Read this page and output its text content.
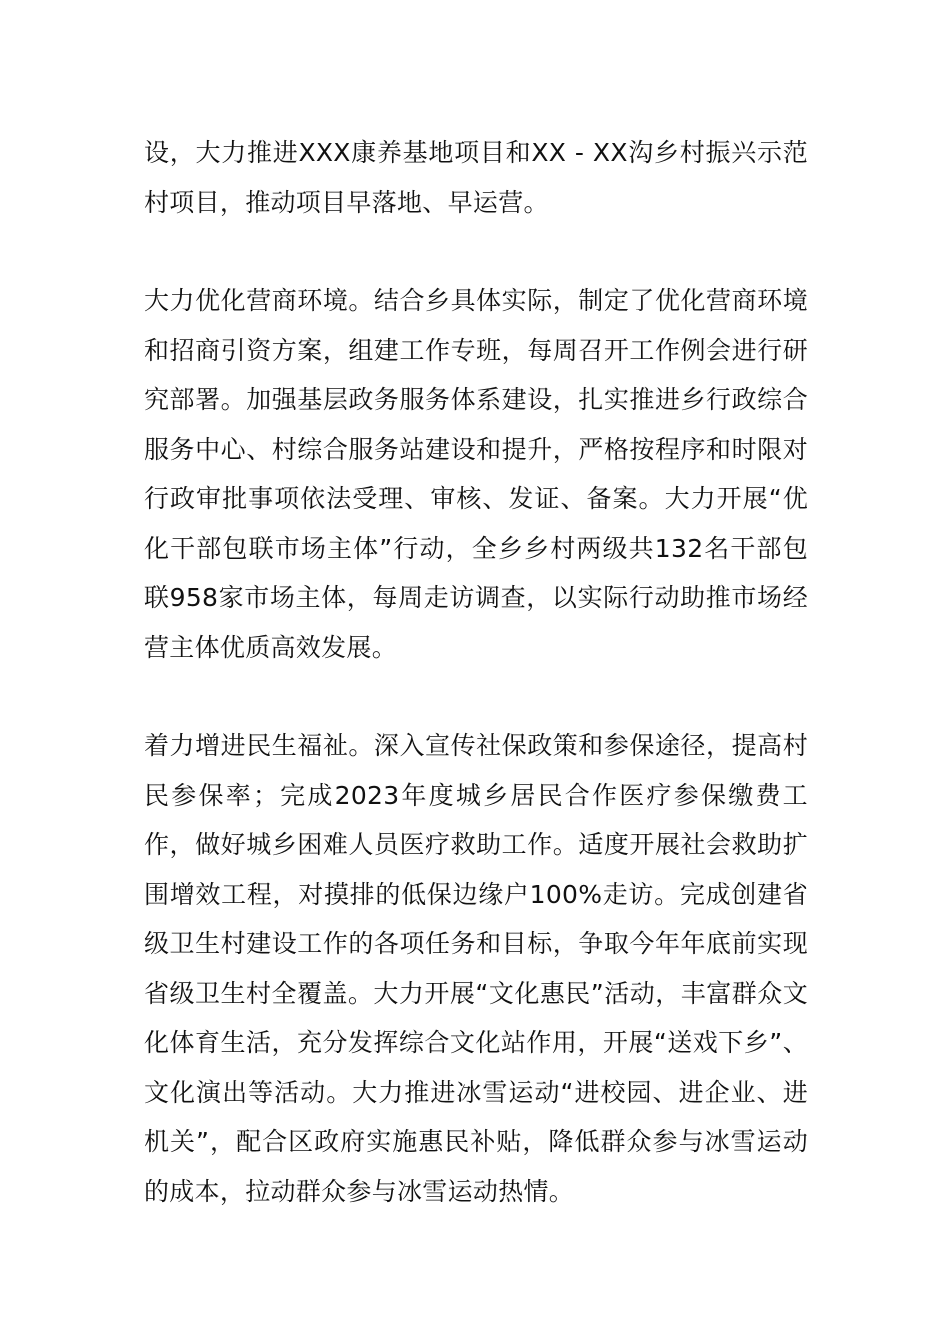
设，大力推进XXX康养基地项目和XX - XX沟乡村振兴示范村项目，推动项目早落地、早运营。

大力优化营商环境。结合乡具体实际，制定了优化营商环境和招商引资方案，组建工作专班，每周召开工作例会进行研究部署。加强基层政务服务体系建设，扎实推进乡行政综合服务中心、村综合服务站建设和提升，严格按程序和时限对行政审批事项依法受理、审核、发证、备案。大力开展“优化干部包联市场主体”行动，全乡乡村两级共132名干部包联958家市场主体，每周走访调查，以实际行动助推市场经营主体优质高效发展。

着力增进民生福祉。深入宣传社保政策和参保途径，提高村民参保率；完成2023年度城乡居民合作医疗参保缴费工作，做好城乡困难人员医疗救助工作。适度开展社会救助扩围增效工程，对摸排的低保边缘户100%走访。完成创建省级卫生村建设工作的各项任务和目标，争取今年年底前实现省级卫生村全覆盖。大力开展“文化惠民”活动，丰富群众文化体育生活，充分发挥综合文化站作用，开展“送戏下乡”、文化演出等活动。大力推进冰雪运动“进校园、进企业、进机关”，配合区政府实施惠民补贴，降低群众参与冰雪运动的成本，拉动群众参与冰雪运动热情。
